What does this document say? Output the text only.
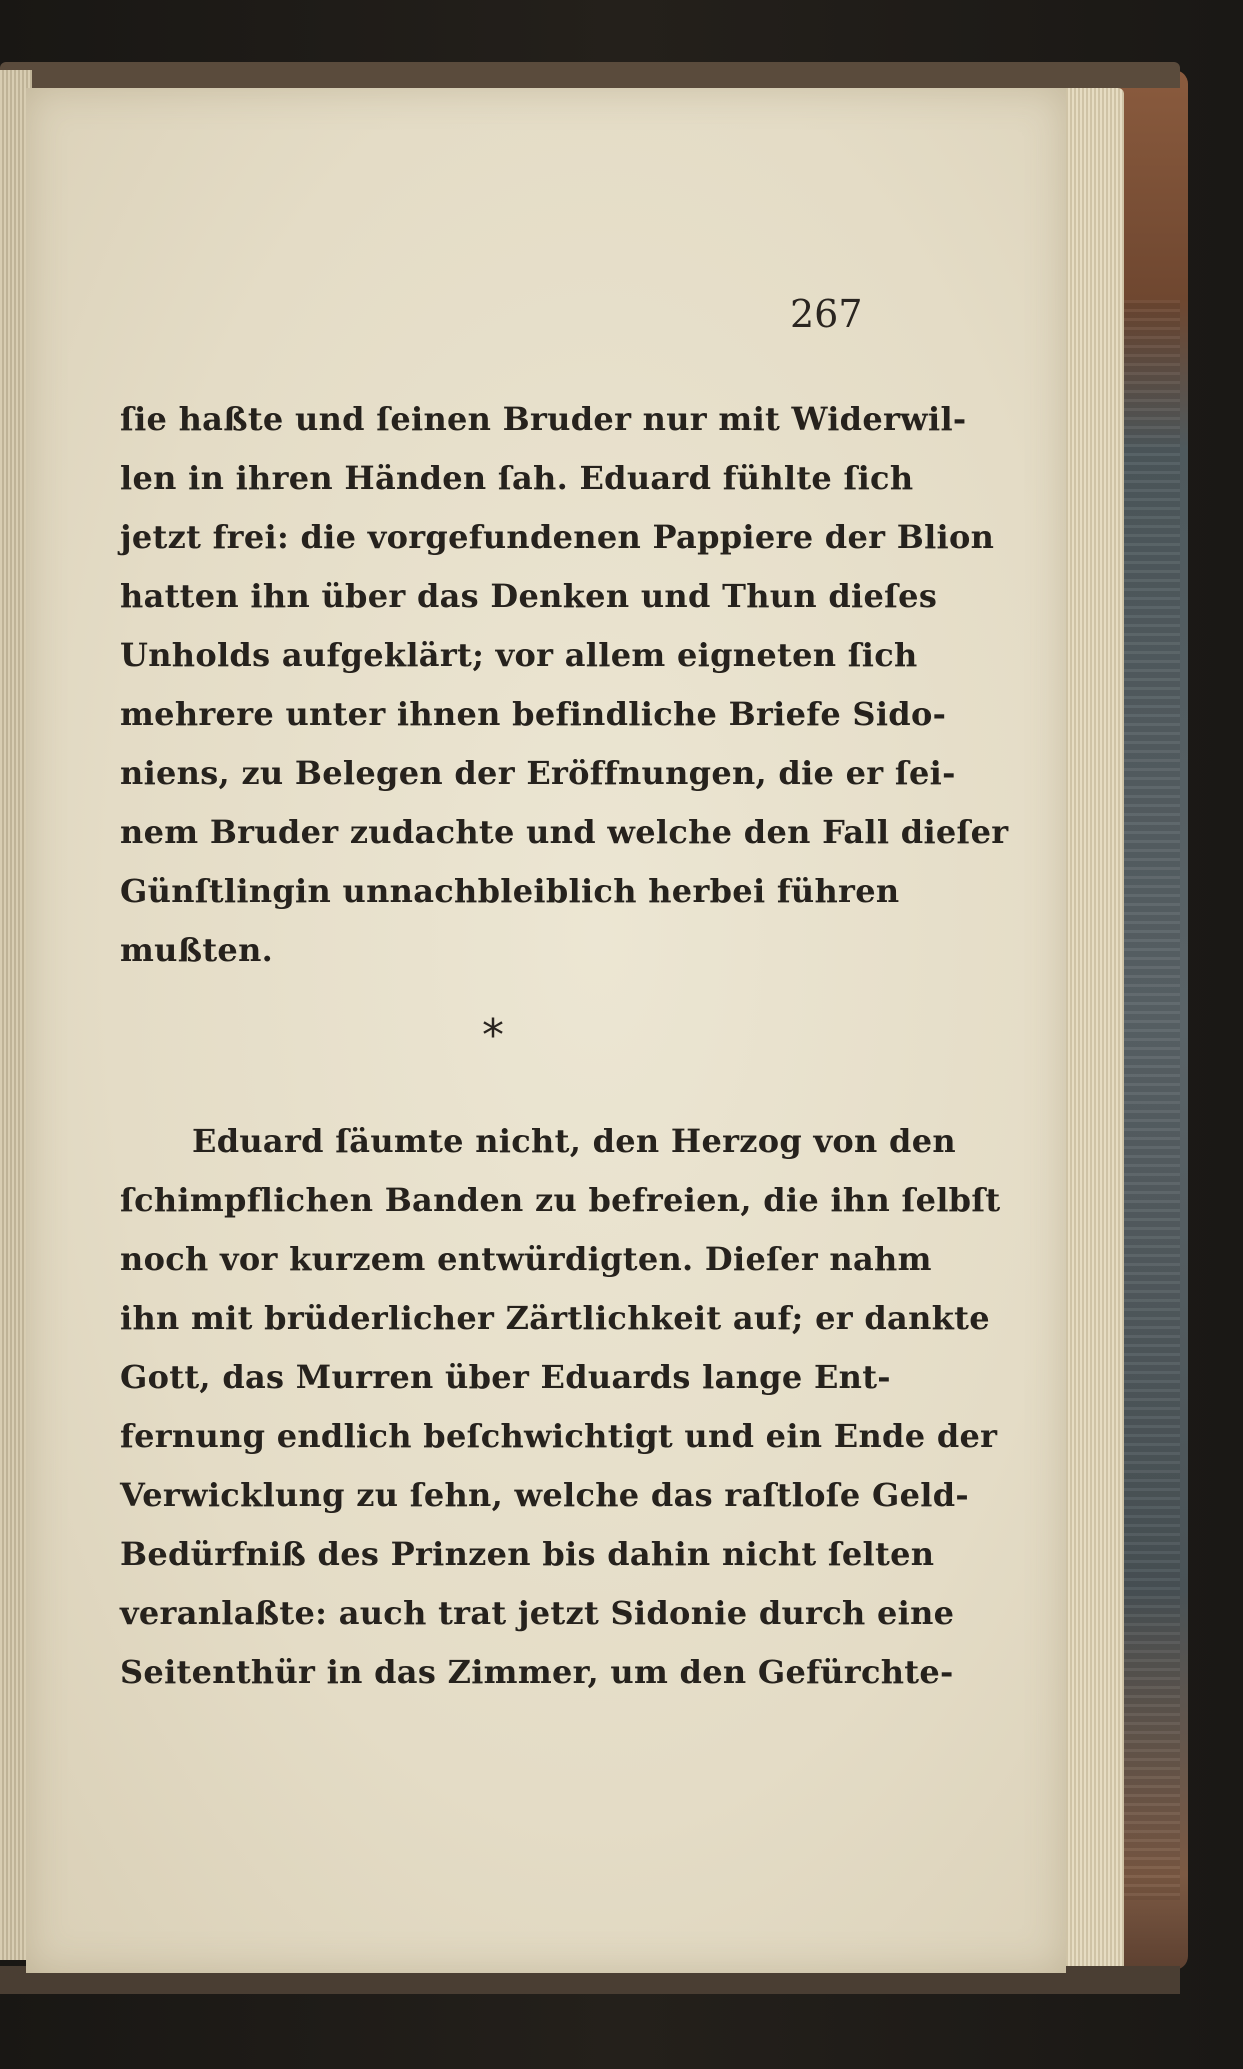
267
ſie haßte und ſeinen Bruder nur mit Widerwil-
len in ihren Händen ſah. Eduard fühlte ſich
jetzt frei: die vorgefundenen Pappiere der Blion
hatten ihn über das Denken und Thun dieſes
Unholds aufgeklärt; vor allem eigneten ſich
mehrere unter ihnen befindliche Briefe Sido-
niens, zu Belegen der Eröffnungen, die er ſei-
nem Bruder zudachte und welche den Fall dieſer
Günſtlingin unnachbleiblich herbei führen
mußten.
*
Eduard ſäumte nicht, den Herzog von den
ſchimpflichen Banden zu befreien, die ihn ſelbſt
noch vor kurzem entwürdigten. Dieſer nahm
ihn mit brüderlicher Zärtlichkeit auf; er dankte
Gott, das Murren über Eduards lange Ent-
fernung endlich beſchwichtigt und ein Ende der
Verwicklung zu ſehn, welche das raſtloſe Geld-
Bedürfniß des Prinzen bis dahin nicht ſelten
veranlaßte: auch trat jetzt Sidonie durch eine
Seitenthür in das Zimmer, um den Gefürchte-
